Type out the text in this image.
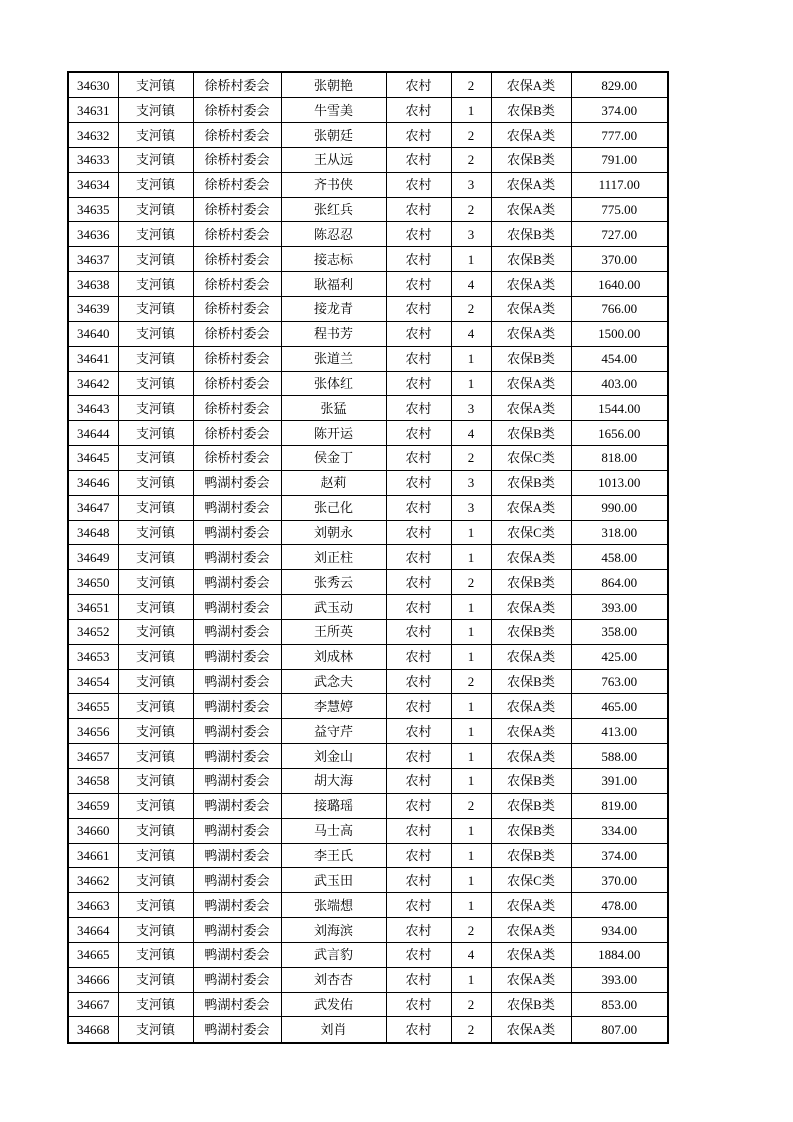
34630	支河镇	徐桥村委会	张朝艳	农村	2	农保A类	829.00
34631	支河镇	徐桥村委会	牛雪美	农村	1	农保B类	374.00
34632	支河镇	徐桥村委会	张朝廷	农村	2	农保A类	777.00
34633	支河镇	徐桥村委会	王从远	农村	2	农保B类	791.00
34634	支河镇	徐桥村委会	齐书侠	农村	3	农保A类	1117.00
34635	支河镇	徐桥村委会	张红兵	农村	2	农保A类	775.00
34636	支河镇	徐桥村委会	陈忍忍	农村	3	农保B类	727.00
34637	支河镇	徐桥村委会	接志标	农村	1	农保B类	370.00
34638	支河镇	徐桥村委会	耿福利	农村	4	农保A类	1640.00
34639	支河镇	徐桥村委会	接龙青	农村	2	农保A类	766.00
34640	支河镇	徐桥村委会	程书芳	农村	4	农保A类	1500.00
34641	支河镇	徐桥村委会	张道兰	农村	1	农保B类	454.00
34642	支河镇	徐桥村委会	张体红	农村	1	农保A类	403.00
34643	支河镇	徐桥村委会	张猛	农村	3	农保A类	1544.00
34644	支河镇	徐桥村委会	陈开运	农村	4	农保B类	1656.00
34645	支河镇	徐桥村委会	侯金丁	农村	2	农保C类	818.00
34646	支河镇	鸭湖村委会	赵莉	农村	3	农保B类	1013.00
34647	支河镇	鸭湖村委会	张己化	农村	3	农保A类	990.00
34648	支河镇	鸭湖村委会	刘朝永	农村	1	农保C类	318.00
34649	支河镇	鸭湖村委会	刘正柱	农村	1	农保A类	458.00
34650	支河镇	鸭湖村委会	张秀云	农村	2	农保B类	864.00
34651	支河镇	鸭湖村委会	武玉动	农村	1	农保A类	393.00
34652	支河镇	鸭湖村委会	王所英	农村	1	农保B类	358.00
34653	支河镇	鸭湖村委会	刘成林	农村	1	农保A类	425.00
34654	支河镇	鸭湖村委会	武念夫	农村	2	农保B类	763.00
34655	支河镇	鸭湖村委会	李慧婷	农村	1	农保A类	465.00
34656	支河镇	鸭湖村委会	益守芹	农村	1	农保A类	413.00
34657	支河镇	鸭湖村委会	刘金山	农村	1	农保A类	588.00
34658	支河镇	鸭湖村委会	胡大海	农村	1	农保B类	391.00
34659	支河镇	鸭湖村委会	接璐瑶	农村	2	农保B类	819.00
34660	支河镇	鸭湖村委会	马士高	农村	1	农保B类	334.00
34661	支河镇	鸭湖村委会	李王氏	农村	1	农保B类	374.00
34662	支河镇	鸭湖村委会	武玉田	农村	1	农保C类	370.00
34663	支河镇	鸭湖村委会	张端想	农村	1	农保A类	478.00
34664	支河镇	鸭湖村委会	刘海滨	农村	2	农保A类	934.00
34665	支河镇	鸭湖村委会	武言豹	农村	4	农保A类	1884.00
34666	支河镇	鸭湖村委会	刘杏杏	农村	1	农保A类	393.00
34667	支河镇	鸭湖村委会	武发佑	农村	2	农保B类	853.00
34668	支河镇	鸭湖村委会	刘肖	农村	2	农保A类	807.00
